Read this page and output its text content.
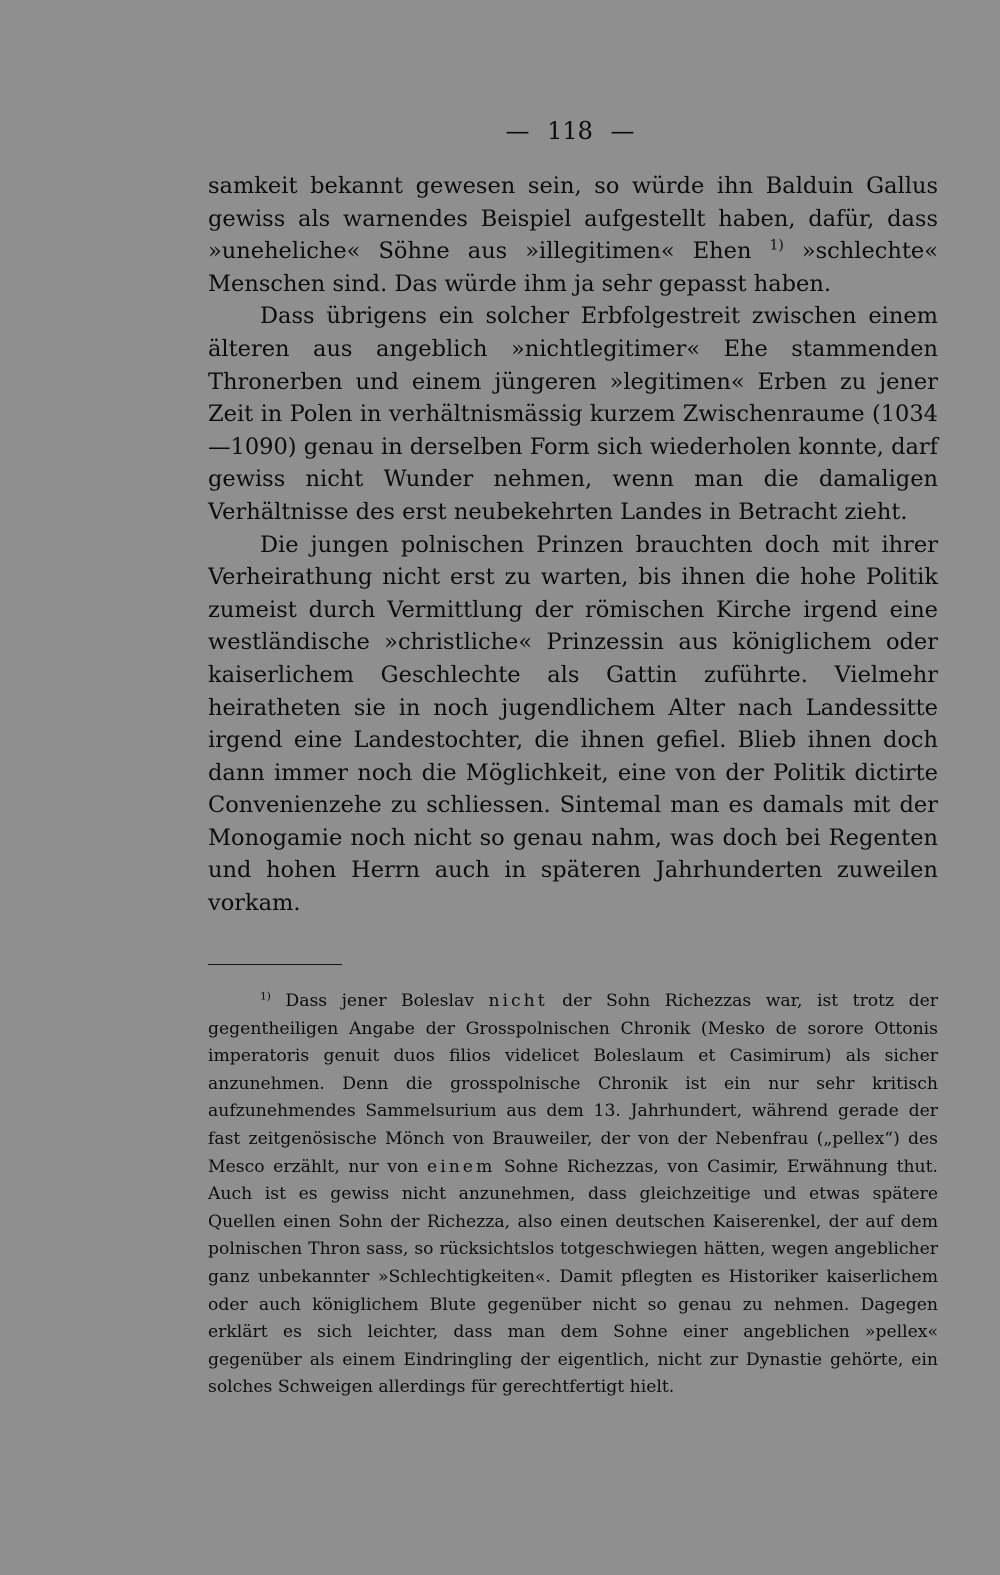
— 118 —

samkeit bekannt gewesen sein, so würde ihn Balduin Gallus gewiss als warnendes Beispiel aufgestellt haben, dafür, dass »uneheliche« Söhne aus »illegitimen« Ehen $^{1)}$ »schlechte« Menschen sind. Das würde ihm ja sehr gepasst haben.

Dass übrigens ein solcher Erbfolgestreit zwischen einem älteren aus angeblich »nichtlegitimer« Ehe stammenden Thronerben und einem jüngeren »legitimen« Erben zu jener Zeit in Polen in verhältnismässig kurzem Zwischenraume (1034—1090) genau in derselben Form sich wiederholen konnte, darf gewiss nicht Wunder nehmen, wenn man die damaligen Verhältnisse des erst neubekehrten Landes in Betracht zieht.

Die jungen polnischen Prinzen brauchten doch mit ihrer Verheirathung nicht erst zu warten, bis ihnen die hohe Politik zumeist durch Vermittlung der römischen Kirche irgend eine westländische »christliche« Prinzessin aus königlichem oder kaiserlichem Geschlechte als Gattin zuführte. Vielmehr heiratheten sie in noch jugendlichem Alter nach Landessitte irgend eine Landestochter, die ihnen gefiel. Blieb ihnen doch dann immer noch die Möglichkeit, eine von der Politik dictirte Convenienzehe zu schliessen. Sintemal man es damals mit der Monogamie noch nicht so genau nahm, was doch bei Regenten und hohen Herrn auch in späteren Jahrhunderten zuweilen vorkam.

$^{1)}$ Dass jener Boleslav nicht der Sohn Richezzas war, ist trotz der gegentheiligen Angabe der Grosspolnischen Chronik (Mesko de sorore Ottonis imperatoris genuit duos filios videlicet Boleslaum et Casimirum) als sicher anzunehmen. Denn die grosspolnische Chronik ist ein nur sehr kritisch aufzunehmendes Sammelsurium aus dem 13. Jahrhundert, während gerade der fast zeitgenösische Mönch von Brauweiler, der von der Nebenfrau („pellex“) des Mesco erzählt, nur von einem Sohne Richezzas, von Casimir, Erwähnung thut. Auch ist es gewiss nicht anzunehmen, dass gleichzeitige und etwas spätere Quellen einen Sohn der Richezza, also einen deutschen Kaiserenkel, der auf dem polnischen Thron sass, so rücksichtslos totgeschwiegen hätten, wegen angeblicher ganz unbekannter »Schlechtigkeiten«. Damit pflegten es Historiker kaiserlichem oder auch königlichem Blute gegenüber nicht so genau zu nehmen. Dagegen erklärt es sich leichter, dass man dem Sohne einer angeblichen »pellex« gegenüber als einem Eindringling der eigentlich, nicht zur Dynastie gehörte, ein solches Schweigen allerdings für gerechtfertigt hielt.
